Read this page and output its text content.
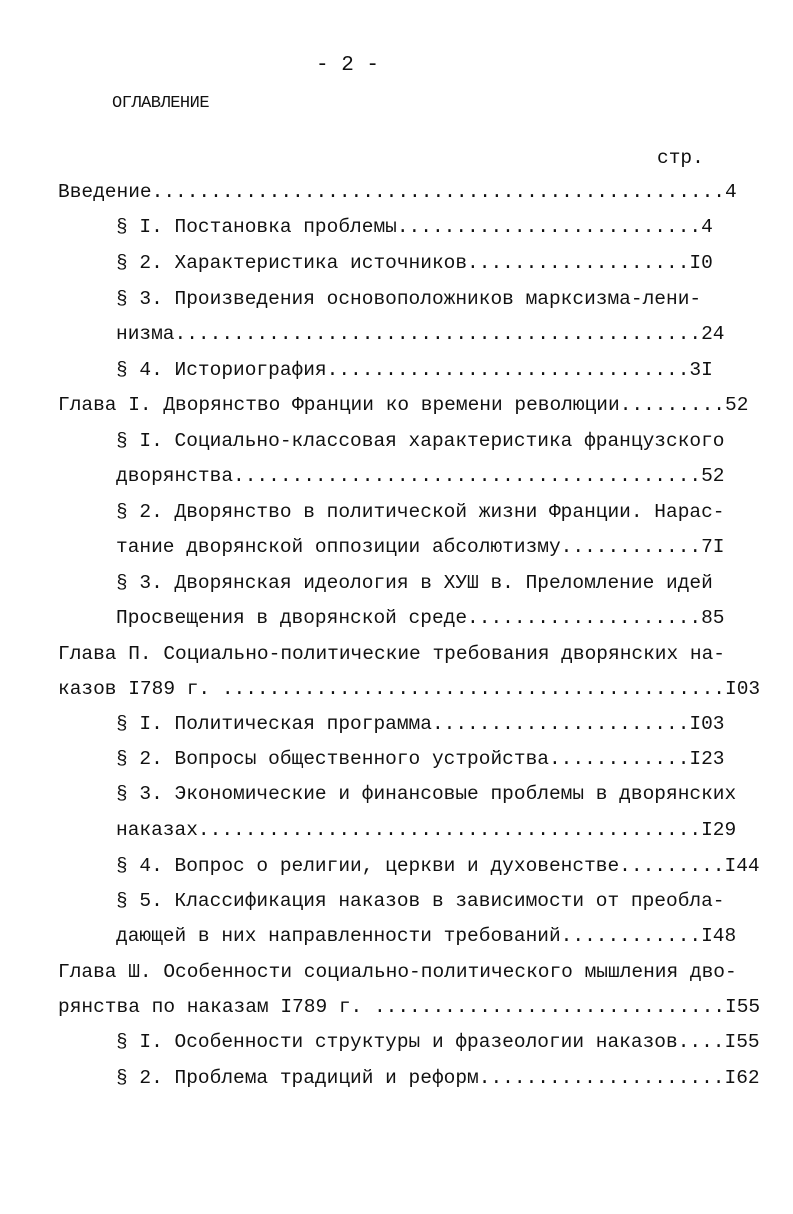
- 2 -
ОГЛАВЛЕНИЕ
стр.
Введение.................................................4
§ I. Постановка проблемы..........................4
§ 2. Характеристика источников...................I0
§ 3. Произведения основоположников марксизма-лени-
низма.............................................24
§ 4. Историография...............................3I
Глава I. Дворянство Франции ко времени революции.........52
§ I. Социально-классовая характеристика французского
дворянства........................................52
§ 2. Дворянство в политической жизни Франции. Нарас-
тание дворянской оппозиции абсолютизму............7I
§ 3. Дворянская идеология в ХУШ в. Преломление идей
Просвещения в дворянской среде....................85
Глава П. Социально-политические требования дворянских на-
казов I789 г. ...........................................I03
§ I. Политическая программа......................I03
§ 2. Вопросы общественного устройства............I23
§ 3. Экономические и финансовые проблемы в дворянских
наказах...........................................I29
§ 4. Вопрос о религии, церкви и духовенстве.........I44
§ 5. Классификация наказов в зависимости от преобла-
дающей в них направленности требований............I48
Глава Ш. Особенности социально-политического мышления дво-
рянства по наказам I789 г. ..............................I55
§ I. Особенности структуры и фразеологии наказов....I55
§ 2. Проблема традиций и реформ.....................I62
